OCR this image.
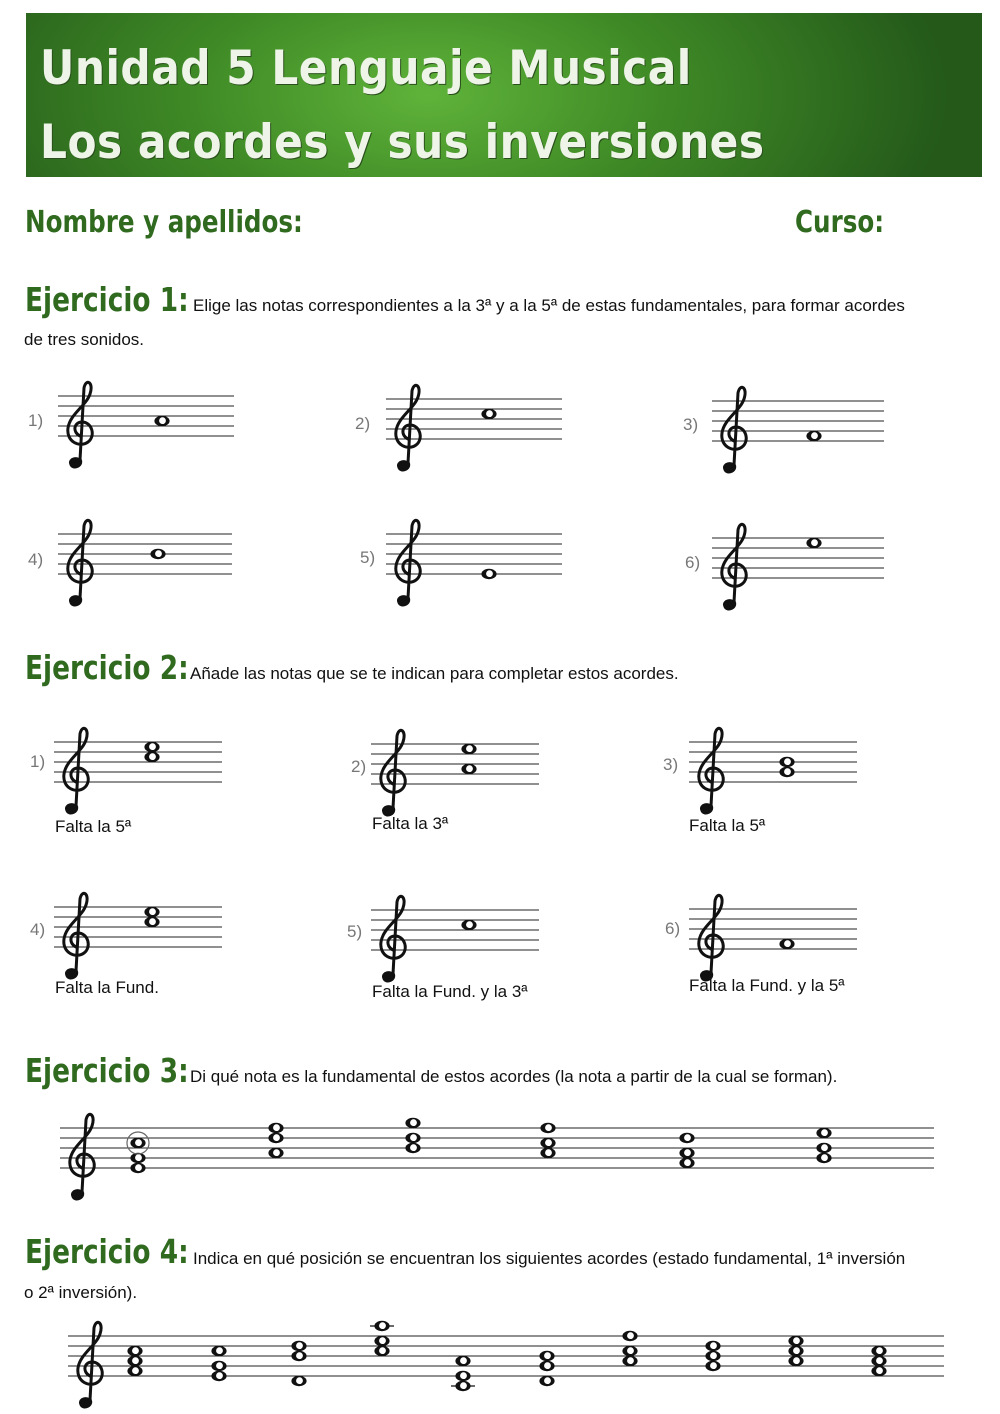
Unidad 5 Lenguaje Musical
Los acordes y sus inversiones
Nombre y apellidos:	Curso:
Ejercicio 1: Elige las notas correspondientes a la 3ª y a la 5ª de estas fundamentales, para formar acordes
de tres sonidos.
1)	2)	3)
4)	5)	6)
Ejercicio 2: Añade las notas que se te indican para completar estos acordes.
1)	2)	3)
4)	5)	6)
Falta la 5ª	Falta la 3ª	Falta la 5ª
Falta la Fund.	Falta la Fund. y la 3ª	Falta la Fund. y la 5ª
Ejercicio 3: Di qué nota es la fundamental de estos acordes (la nota a partir de la cual se forman).
Ejercicio 4: Indica en qué posición se encuentran los siguientes acordes (estado fundamental, 1ª inversión
o 2ª inversión).
